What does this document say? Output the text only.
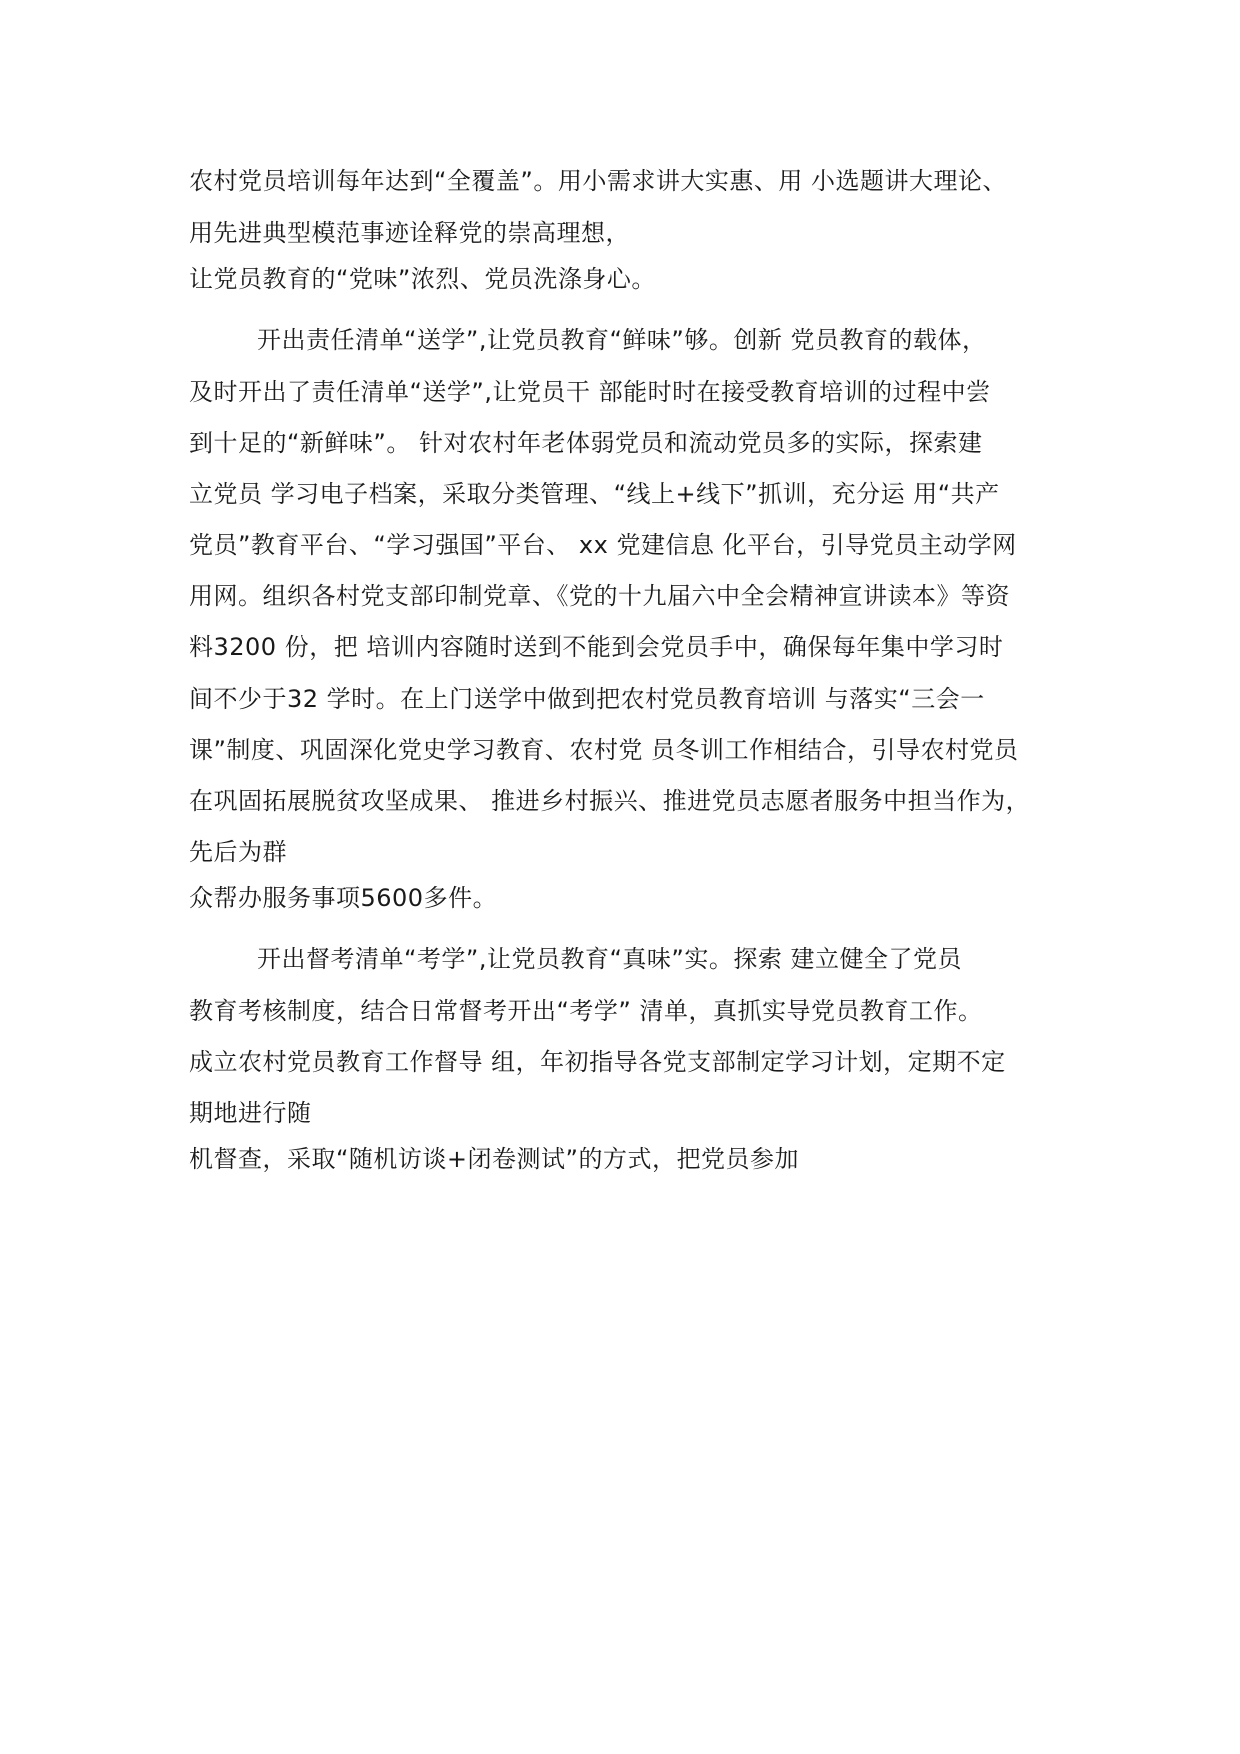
农村党员培训每年达到“全覆盖”。用小需求讲大实惠、用 小选题讲大理论、
用先进典型模范事迹诠释党的崇高理想，
让党员教育的“党味”浓烈、党员洗涤身心。
开出责任清单“送学”,让党员教育“鲜味”够。创新 党员教育的载体，
及时开出了责任清单“送学”,让党员干 部能时时在接受教育培训的过程中尝
到十足的“新鲜味”。 针对农村年老体弱党员和流动党员多的实际，探索建
立党员 学习电子档案，采取分类管理、“线上+线下”抓训，充分运 用“共产
党员”教育平台、“学习强国”平台、 xx 党建信息 化平台，引导党员主动学网
用网。组织各村党支部印制党章、《党的十九届六中全会精神宣讲读本》等资
料3200 份，把 培训内容随时送到不能到会党员手中，确保每年集中学习时
间不少于32 学时。在上门送学中做到把农村党员教育培训 与落实“三会一
课”制度、巩固深化党史学习教育、农村党 员冬训工作相结合，引导农村党员
在巩固拓展脱贫攻坚成果、 推进乡村振兴、推进党员志愿者服务中担当作为，
先后为群
众帮办服务事项5600多件。
开出督考清单“考学”,让党员教育“真味”实。探索 建立健全了党员
教育考核制度，结合日常督考开出“考学” 清单，真抓实导党员教育工作。
成立农村党员教育工作督导 组，年初指导各党支部制定学习计划，定期不定
期地进行随
机督查，采取“随机访谈+闭卷测试”的方式，把党员参加
